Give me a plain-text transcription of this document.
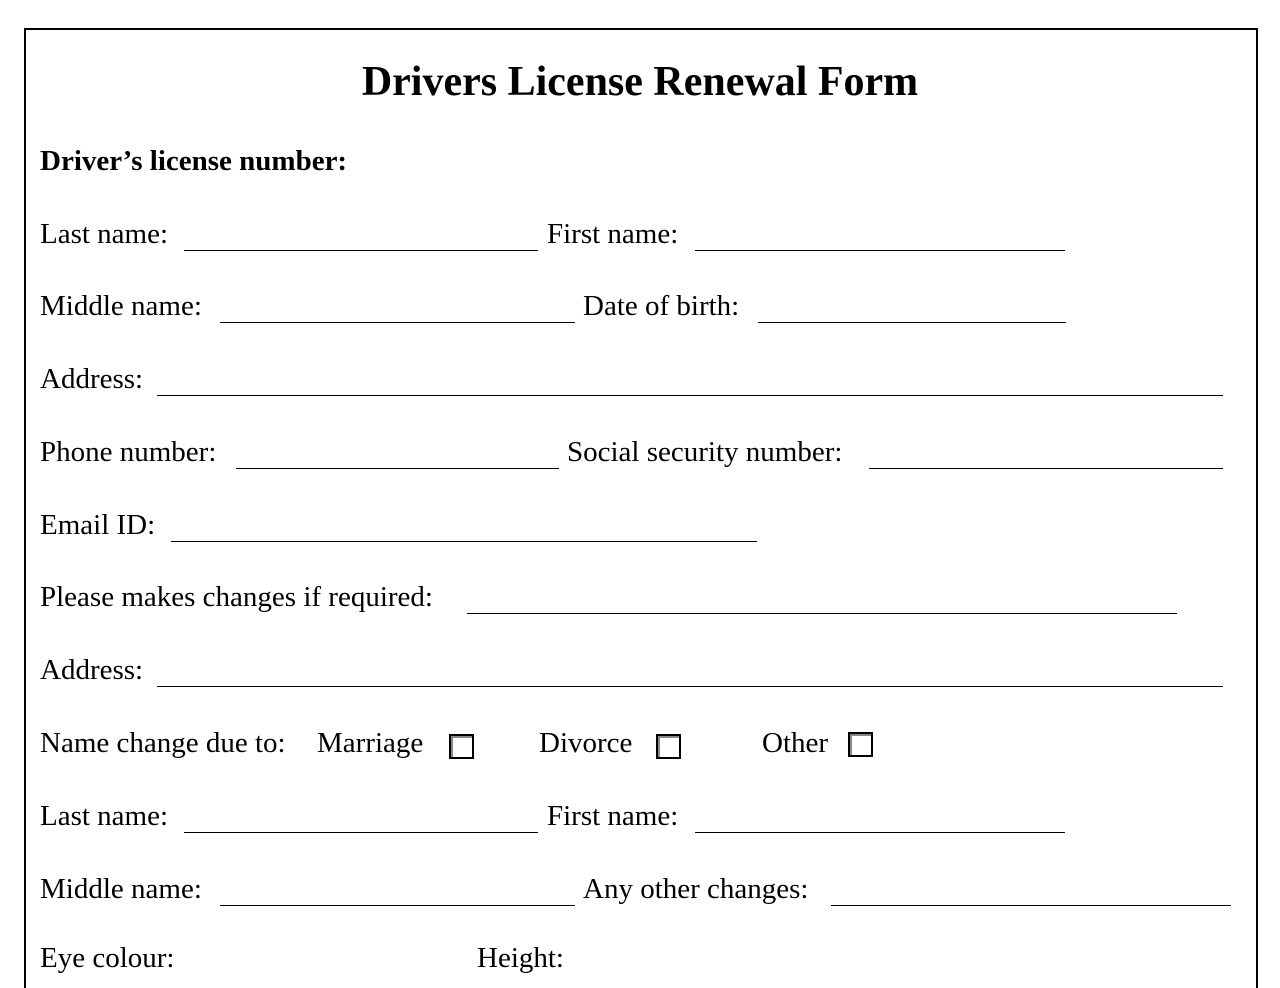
Drivers License Renewal Form
Driver’s license number:
Last name:	First name:
Middle name:	Date of birth:
Address:
Phone number:	Social security number:
Email ID:
Please makes changes if required:
Address:
Name change due to: Marriage	Divorce	Other
Last name:	First name:
Middle name:	Any other changes:
Eye colour:	Height:
